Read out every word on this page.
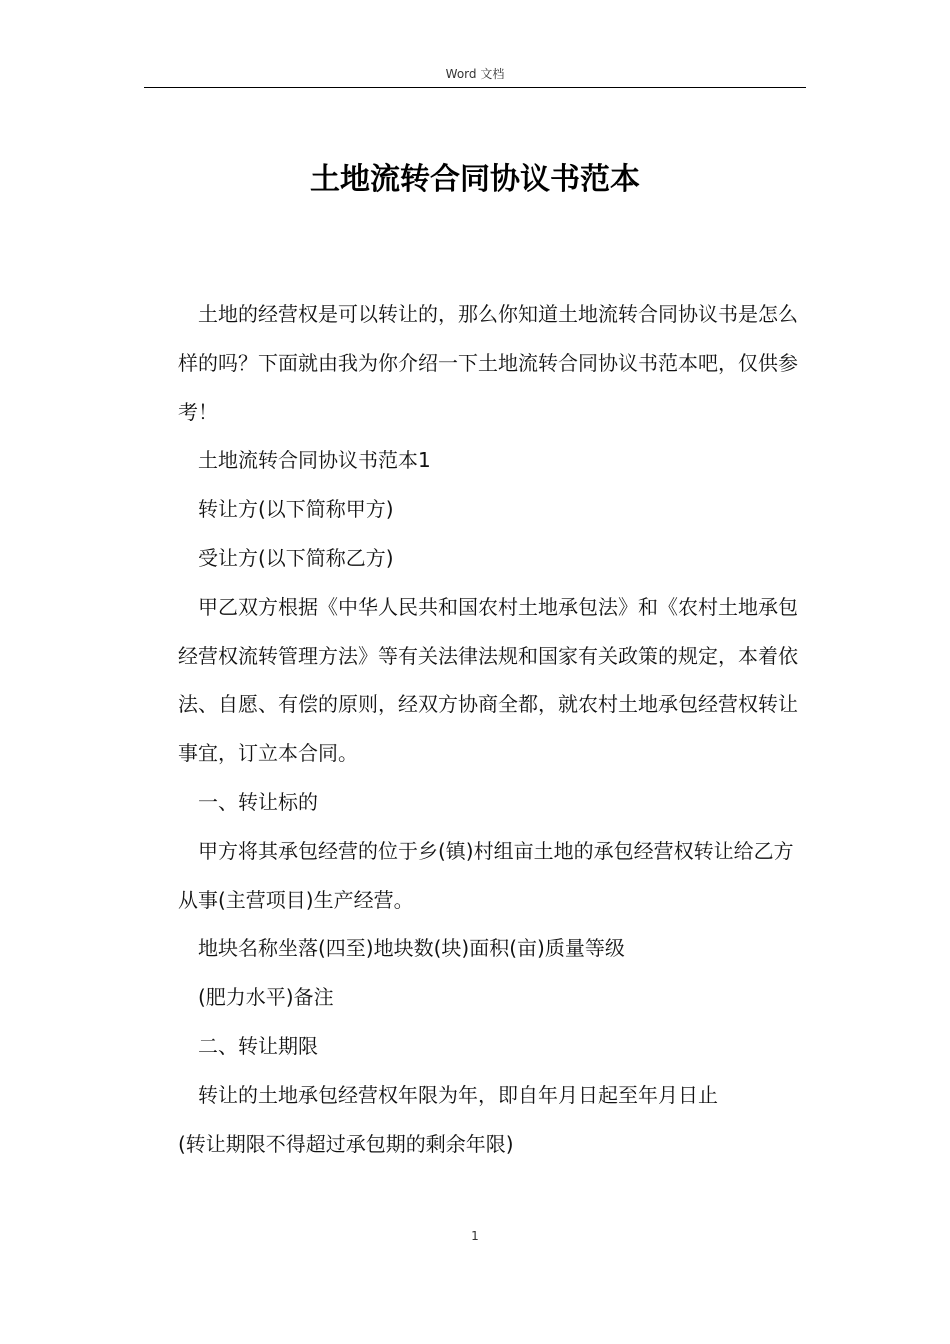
Word 文档
土地流转合同协议书范本

土地的经营权是可以转让的，那么你知道土地流转合同协议书是怎么样的吗？下面就由我为你介绍一下土地流转合同协议书范本吧，仅供参考！

土地流转合同协议书范本1

转让方(以下简称甲方)

受让方(以下简称乙方)

甲乙双方根据《中华人民共和国农村土地承包法》和《农村土地承包经营权流转管理方法》等有关法律法规和国家有关政策的规定，本着依法、自愿、有偿的原则，经双方协商全都，就农村土地承包经营权转让事宜，订立本合同。

一、转让标的

甲方将其承包经营的位于乡(镇)村组亩土地的承包经营权转让给乙方从事(主营项目)生产经营。

地块名称坐落(四至)地块数(块)面积(亩)质量等级

(肥力水平)备注

二、转让期限

转让的土地承包经营权年限为年，即自年月日起至年月日止

(转让期限不得超过承包期的剩余年限)

1
